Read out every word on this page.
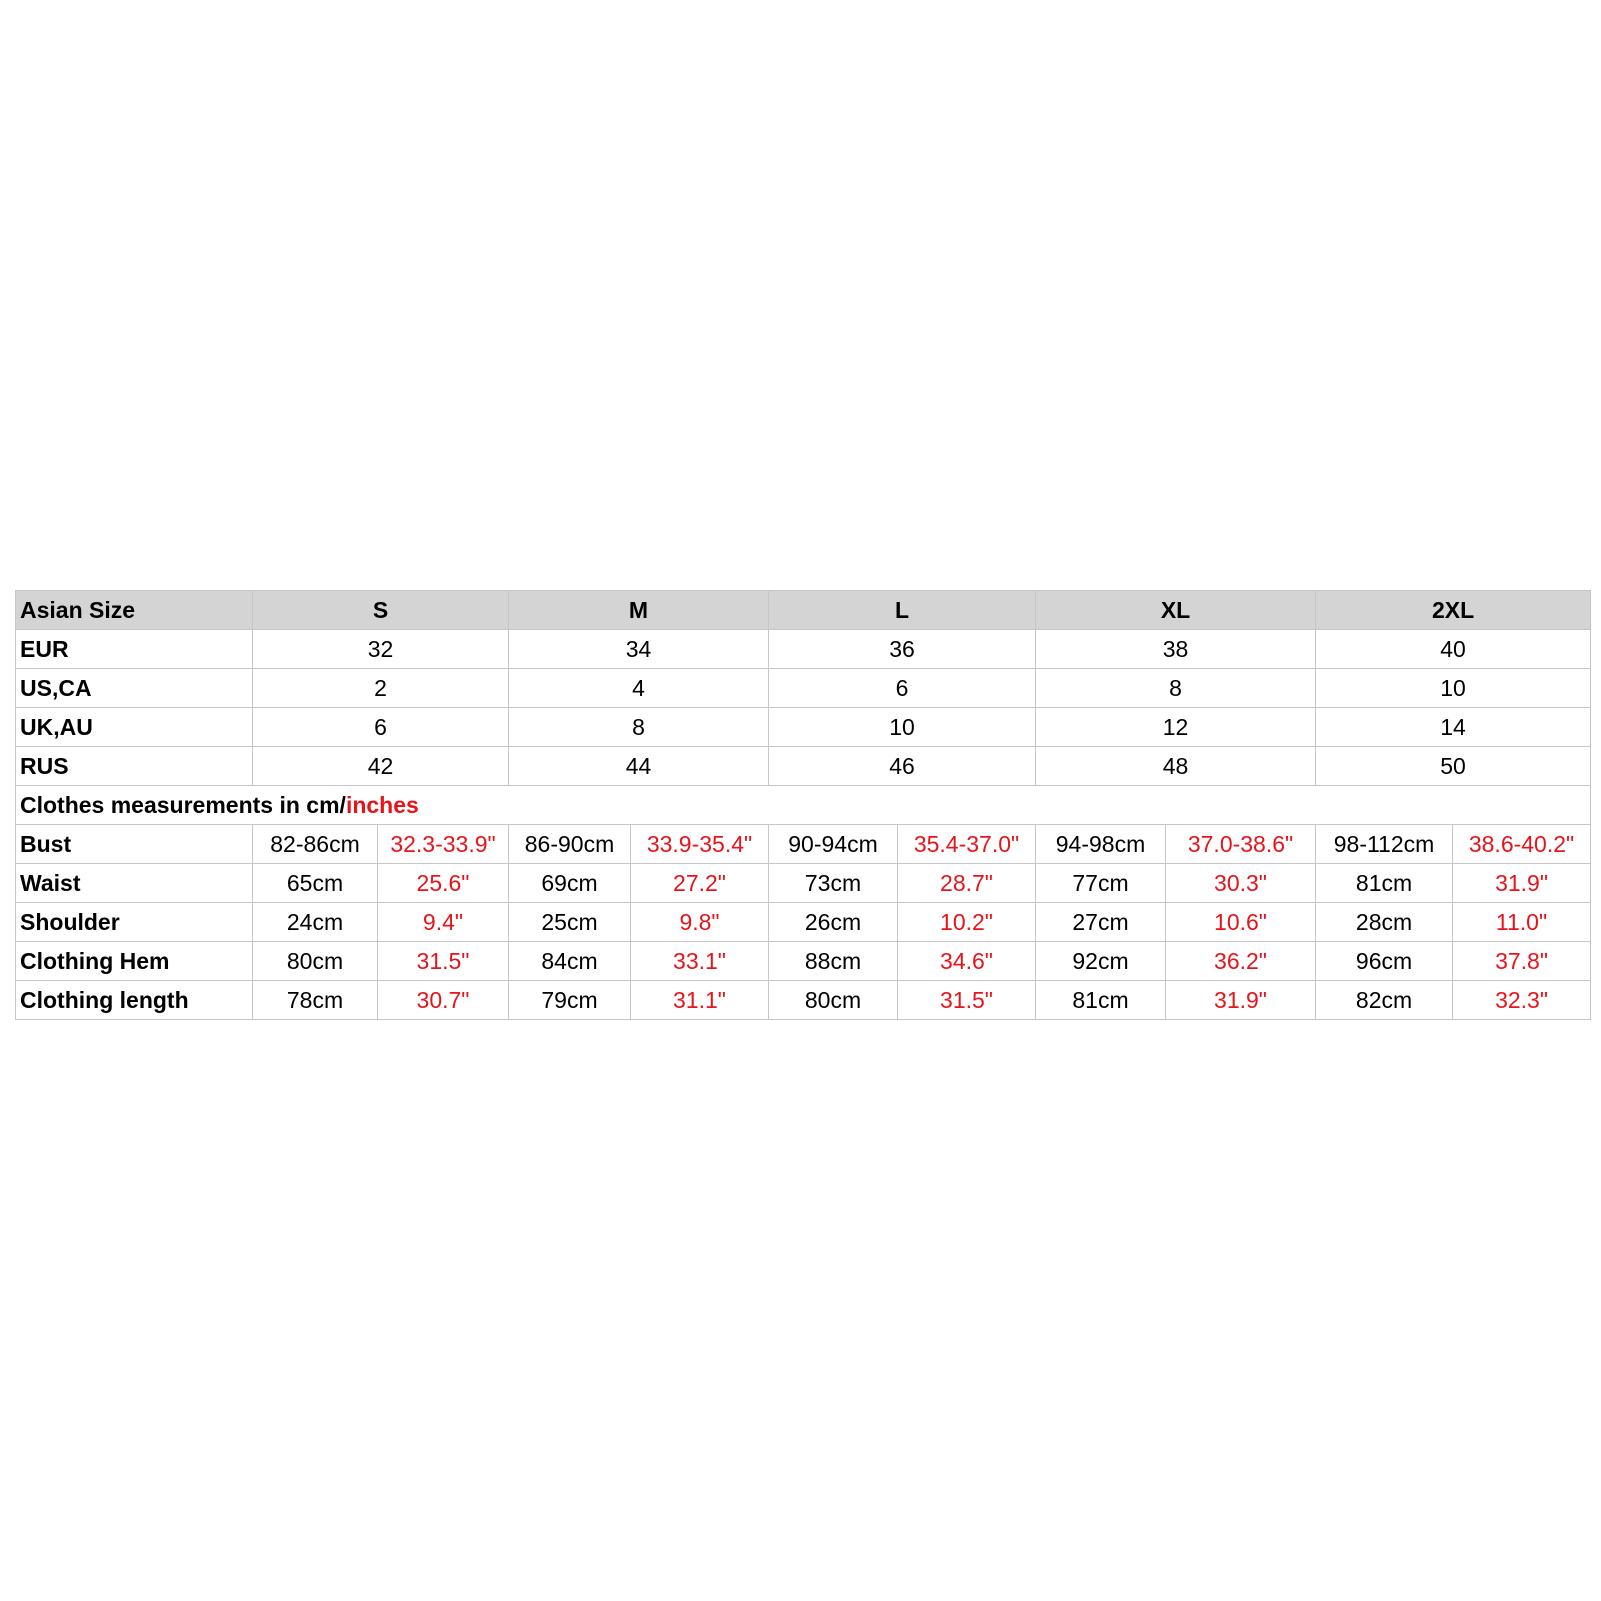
Asian Size	S		M		L		XL		2XL	
EUR	32		34		36		38		40	
US,CA	2		4		6		8		10	
UK,AU	6		8		10		12		14	
RUS	42		44		46		48		50	
Clothes measurements in cm/inches										
Bust	82-86cm	32.3-33.9"	86-90cm	33.9-35.4"	90-94cm	35.4-37.0"	94-98cm	37.0-38.6"	98-112cm	38.6-40.2"
Waist	65cm	25.6"	69cm	27.2"	73cm	28.7"	77cm	30.3"	81cm	31.9"
Shoulder	24cm	9.4"	25cm	9.8"	26cm	10.2"	27cm	10.6"	28cm	11.0"
Clothing Hem	80cm	31.5"	84cm	33.1"	88cm	34.6"	92cm	36.2"	96cm	37.8"
Clothing length	78cm	30.7"	79cm	31.1"	80cm	31.5"	81cm	31.9"	82cm	32.3"
